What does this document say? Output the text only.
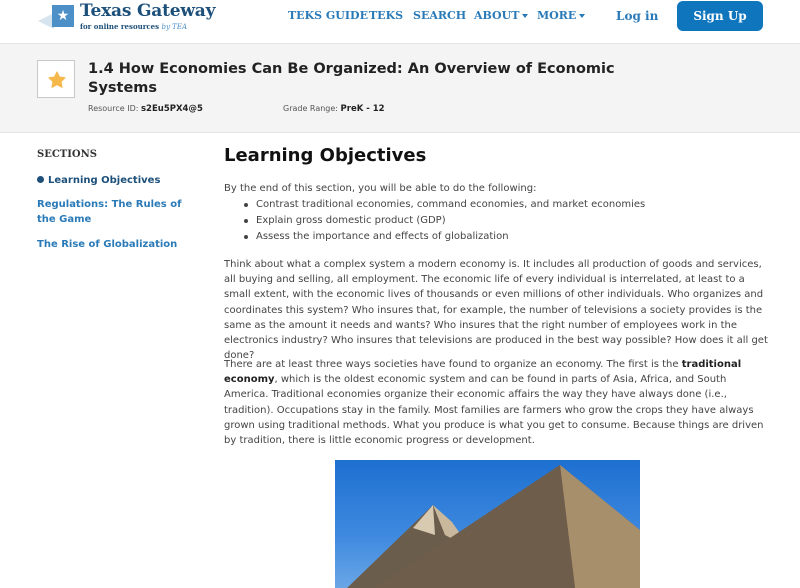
★ Texas Gateway
for online resources by TEA
TEKS GUIDE TEKS SEARCH ABOUT	MORE	Log in	Sign Up
1.4 How Economies Can Be Organized: An Overview of Economic Systems
Resource ID: s2Eu5PX4@5	Grade Range: PreK - 12
SECTIONS
Learning Objectives
Regulations: The Rules of the Game
The Rise of Globalization
Learning Objectives
By the end of this section, you will be able to do the following:
Contrast traditional economies, command economies, and market economies
Explain gross domestic product (GDP)
Assess the importance and effects of globalization
Think about what a complex system a modern economy is. It includes all production of goods and services, all buying and selling, all employment. The economic life of every individual is interrelated, at least to a small extent, with the economic lives of thousands or even millions of other individuals. Who organizes and coordinates this system? Who insures that, for example, the number of televisions a society provides is the same as the amount it needs and wants? Who insures that the right number of employees work in the electronics industry? Who insures that televisions are produced in the best way possible? How does it all get done?
There are at least three ways societies have found to organize an economy. The first is the traditional economy, which is the oldest economic system and can be found in parts of Asia, Africa, and South America. Traditional economies organize their economic affairs the way they have always done (i.e., tradition). Occupations stay in the family. Most families are farmers who grow the crops they have always grown using traditional methods. What you produce is what you get to consume. Because things are driven by tradition, there is little economic progress or development.
